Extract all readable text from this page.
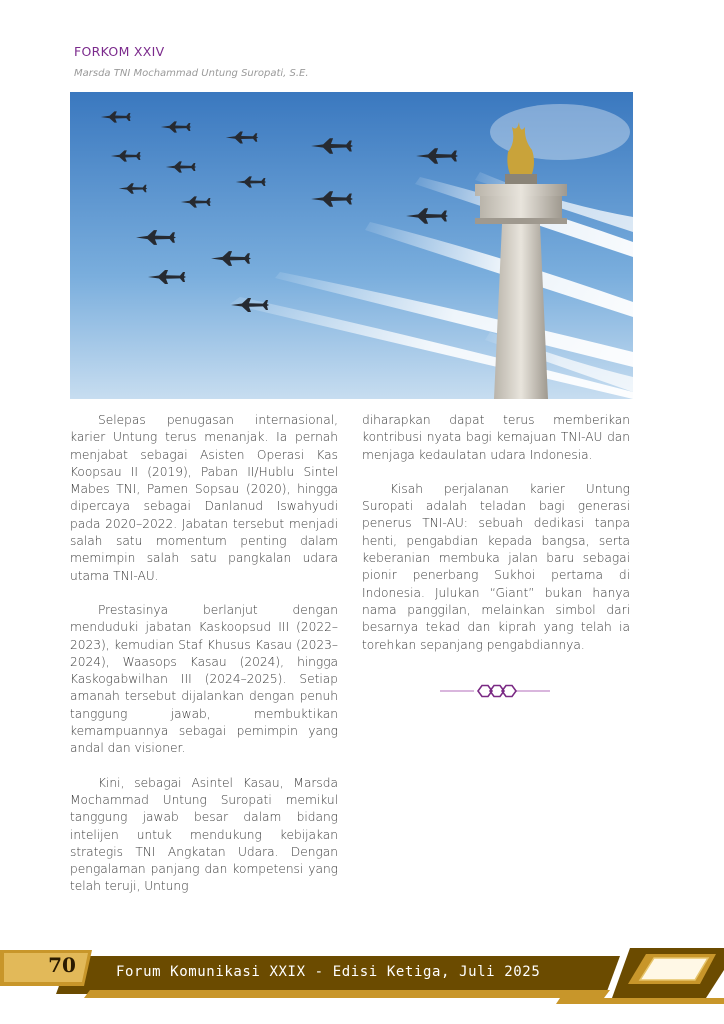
FORKOM XXIV
Marsda TNI Mochammad Untung Suropati, S.E.

Selepas penugasan internasional, karier Untung terus menanjak. Ia pernah menjabat sebagai Asisten Operasi Kas Koopsau II (2019), Paban II/Hublu Sintel Mabes TNI, Pamen Sopsau (2020), hingga dipercaya sebagai Danlanud Iswahyudi pada 2020–2022. Jabatan tersebut menjadi salah satu momentum penting dalam memimpin salah satu pangkalan udara utama TNI-AU.

Prestasinya berlanjut dengan menduduki jabatan Kaskoopsud III (2022–2023), kemudian Staf Khusus Kasau (2023–2024), Waasops Kasau (2024), hingga Kaskogabwilhan III (2024–2025). Setiap amanah tersebut dijalankan dengan penuh tanggung jawab, membuktikan kemampuannya sebagai pemimpin yang andal dan visioner.

Kini, sebagai Asintel Kasau, Marsda Mochammad Untung Suropati memikul tanggung jawab besar dalam bidang intelijen untuk mendukung kebijakan strategis TNI Angkatan Udara. Dengan pengalaman panjang dan kompetensi yang telah teruji, Untung

diharapkan dapat terus memberikan kontribusi nyata bagi kemajuan TNI-AU dan menjaga kedaulatan udara Indonesia.

Kisah perjalanan karier Untung Suropati adalah teladan bagi generasi penerus TNI-AU: sebuah dedikasi tanpa henti, pengabdian kepada bangsa, serta keberanian membuka jalan baru sebagai pionir penerbang Sukhoi pertama di Indonesia. Julukan “Giant” bukan hanya nama panggilan, melainkan simbol dari besarnya tekad dan kiprah yang telah ia torehkan sepanjang pengabdiannya.

70	Forum Komunikasi XXIX - Edisi Ketiga, Juli 2025
